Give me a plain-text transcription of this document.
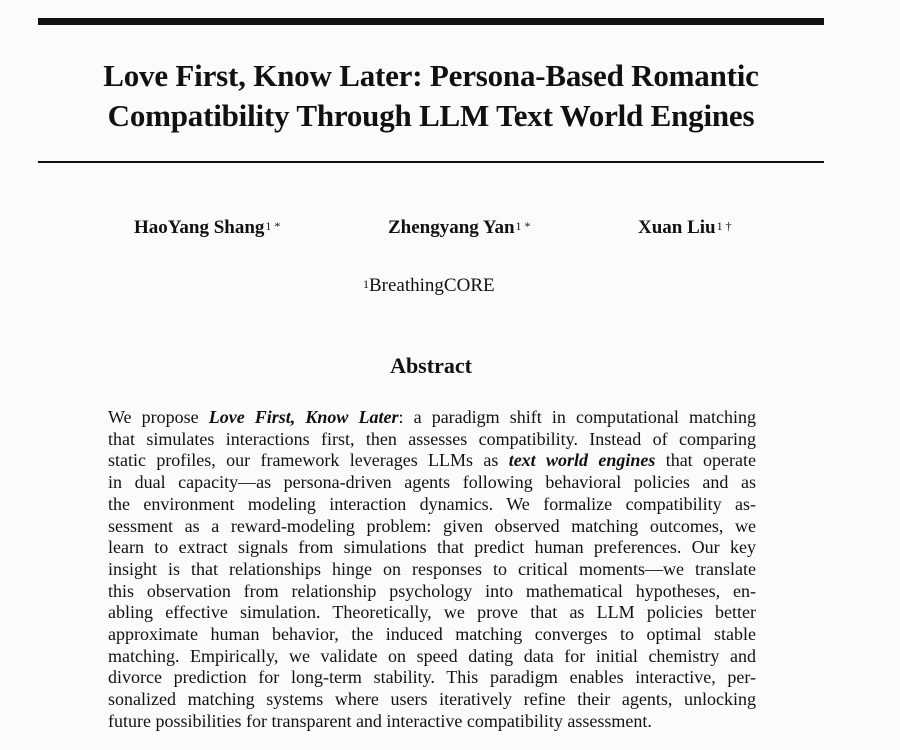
Love First, Know Later: Persona-Based Romantic
Compatibility Through LLM Text World Engines
HaoYang Shang$^{1 *}$	Zhengyang Yan$^{1 *}$	Xuan Liu$^{1 \dagger}$
$^1$BreathingCORE
Abstract
We propose Love First, Know Later: a paradigm shift in computational matching
that simulates interactions first, then assesses compatibility. Instead of comparing
static profiles, our framework leverages LLMs as text world engines that operate
in dual capacity—as persona-driven agents following behavioral policies and as
the environment modeling interaction dynamics. We formalize compatibility as-
sessment as a reward-modeling problem: given observed matching outcomes, we
learn to extract signals from simulations that predict human preferences. Our key
insight is that relationships hinge on responses to critical moments—we translate
this observation from relationship psychology into mathematical hypotheses, en-
abling effective simulation. Theoretically, we prove that as LLM policies better
approximate human behavior, the induced matching converges to optimal stable
matching. Empirically, we validate on speed dating data for initial chemistry and
divorce prediction for long-term stability. This paradigm enables interactive, per-
sonalized matching systems where users iteratively refine their agents, unlocking
future possibilities for transparent and interactive compatibility assessment.
